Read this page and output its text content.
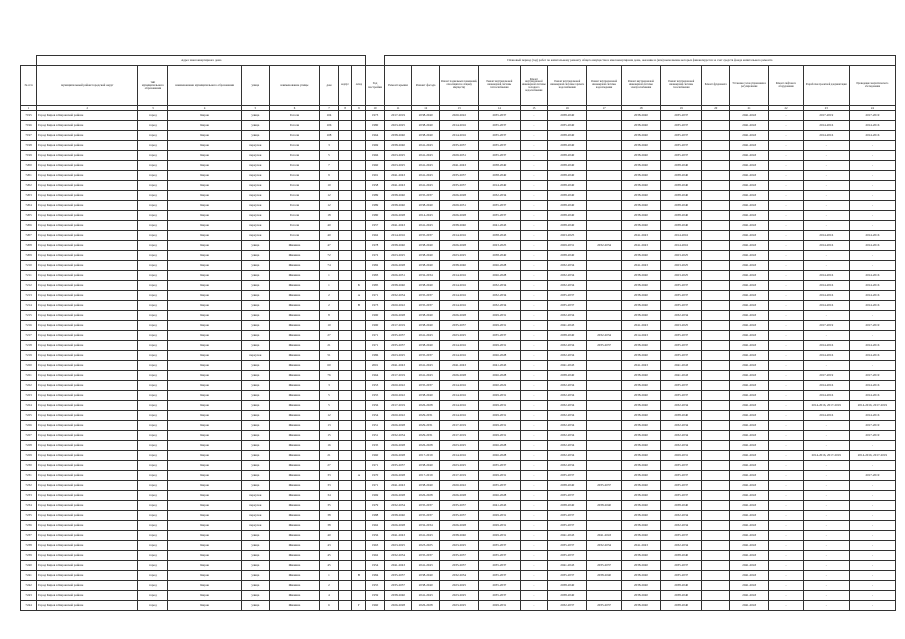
	Адрес многоквартирного дома									Плановый период (год) работ по капитальному ремонту общего имущества в многоквартирном доме, оказание и (или) выполнение которых финансируется за счет средств фонда капитального ремонта													
№ п/п	муниципальный район/городской округ	тип муниципального образования	наименование муниципального образования	улица	наименование улицы	дом	корпус	литер	Год постройки	Ремонт крыши	Ремонт фасада	Ремонт подвальных помещений, относящихся к общему имуществу	Ремонт внутридомовой инженерной системы теплоснабжения	Ремонт внутридомовой инженерной системы холодного водоснабжения	Ремонт внутридомовой инженерной системы горячего водоснабжения	Ремонт внутридомовой инженерной системы водоотведения	Ремонт внутридомовой инженерной системы электроснабжения	Ремонт внутридомовой инженерной системы газоснабжения	Ремонт фундамента	Установка узлов управления и регулирования	Ремонт лифтового оборудования	Разработка проектной документации	Проведение энергетического обследования
1	2	3	4	5	6	7	8	9	10	11	12	13	14	15	16	17	18	19	20	21	22	23	24
7195	Город Киров в Кировской районе	город	Киров	улица	Гоголя	104			1973	2017-2019	2038-2040	2020-2022	2035-2037	-	2038-2040		2038-2040	2035-2037		2041-2043	-	2017-2019	2017-2019
7196	Город Киров в Кировской районе	город	Киров	улица	Гоголя	106			1980	2023-2025	2038-2040	2014-2016	2035-2037	-	2035-2040		2038-2040	2035-2037		2041-2043	-	2014-2016	2014-2016
7197	Город Киров в Кировской районе	город	Киров	улица	Гоголя	108			1964	2038-2040	2038-2040	2014-2016	2035-2037	-	2038-2040		2038-2040	2035-2037		2041-2043	-	2014-2016	2014-2016
7198	Город Киров в Кировской районе	город	Киров	переулок	Гоголя	3			1969	2038-2040	2041-2043	2035-2037	2035-2037	-	2038-2040		2038-2040	2035-2037		2041-2043	-	-	-
7199	Город Киров в Кировской районе	город	Киров	переулок	Гоголя	5			1966	2023-2025	2041-2043	2029-2031	2035-2037	-	2038-2040		2038-2040	2035-2037		2041-2043	-	-	-
7200	Город Киров в Кировской районе	город	Киров	переулок	Гоголя	7			1960	2023-2025	2041-2043	2041-2043	2038-2040	-	2038-2040		2038-2040	2038-2040		2041-2043	-	-	-
7201	Город Киров в Кировской районе	город	Киров	переулок	Гоголя	9			1991	2041-2043	2041-2043	2035-2037	2038-2040	-	2038-2040		2038-2040	2038-2040		2041-2043	-	-	-
7202	Город Киров в Кировской районе	город	Киров	переулок	Гоголя	10			1958	2041-2043	2041-2043	2035-2037	2014-2040	-	2038-2040		2038-2040	2038-2040		2041-2043	-	-	-
7203	Город Киров в Кировской районе	город	Киров	переулок	Гоголя	12			1989	2038-2040	2035-2037	2026-2028	2032-2034	-	2038-2040		2038-2040	2038-2040		2041-2043	-	-	-
7204	Город Киров в Кировской районе	город	Киров	переулок	Гоголя	12			1989	2038-2040	2038-2040	2029-2031	2035-2037	-	2038-2040		2038-2040	2038-2040		2041-2043	-	-	-
7205	Город Киров в Кировской районе	город	Киров	переулок	Гоголя	18			1980	2026-2028	2014-2043	2026-2028	2035-2037	-	2038-2040		2038-2040	2038-2040		2041-2043	-	-	-
7206	Город Киров в Кировской районе	город	Киров	переулок	Гоголя	40			1957	2041-2043	2041-2043	2038-2040	2041-2043	-	2038-2040		2038-2040	2038-2040		2041-2043	-	-	-
7207	Город Киров в Кировской районе	город	Киров	переулок	Гоголя	40			1962	2014-2016	2035-2037	2014-2016	2038-2043	-	2023-2025		2041-2043	2014-2016		2041-2043	-	2014-2016	2014-2016
7208	Город Киров в Кировской районе	город	Киров	улица	Жижина	47			1978	2038-2040	2038-2040	2026-2028	2023-2025	-	2029-2031	2032-2034	2041-2043	2014-2016		2041-2043	-	2014-2016	2014-2016
7209	Город Киров в Кировской районе	город	Киров	улица	Жижина	72			1972	2023-2025	2038-2040	2023-2025	2038-2040	-	2038-2040		2038-2040	2023-2025		2041-2043	-	-	-
7210	Город Киров в Кировской районе	город	Киров	улица	Жижина	74			1982	2026-2028	2038-2040	2038-2040	2026-2028	-	2032-2034		2041-2043	2023-2025		2041-2043	-	-	-
7211	Город Киров в Кировской районе	город	Киров	улица	Жижина	1			1983	2026-2031	2032-2034	2014-2016	2026-2028	-	2032-2034		2038-2040	2023-2025		2041-2043	-	2014-2016	2014-2016
7212	Город Киров в Кировской районе	город	Киров	улица	Жижина	1		Б	1985	2038-2040	2038-2040	2014-2016	2032-2034	-	2032-2034		2038-2040	2035-2037		2041-2043	-	2014-2016	2014-2016
7213	Город Киров в Кировской районе	город	Киров	улица	Жижина	2		А	1971	2032-2034	2035-2037	2014-2016	2032-2034	-	2035-2037		2038-2040	2035-2037		2041-2043	-	2014-2016	2014-2016
7214	Город Киров в Кировской районе	город	Киров	улица	Жижина	2		В	1973	2020-2022	2035-2037	2014-2016	2032-2034	-	2035-2037		2038-2040	2035-2037		2041-2043	-	2014-2016	2014-2016
7215	Город Киров в Кировской районе	город	Киров	улица	Жижина	8			1990	2026-2028	2038-2040	2026-2028	2029-2031	-	2032-2034		2038-2040	2032-2034		2041-2043	-	-	-
7216	Город Киров в Кировской районе	город	Киров	улица	Жижина	10			1990	2017-2019	2038-2040	2035-2037	2029-2031	-	2041-2043		2041-2043	2023-2025		2041-2043	-	2017-2019	2017-2019
7217	Город Киров в Кировской районе	город	Киров	улица	Жижина	27			1971	2035-2037	2041-2043	2023-2025	2035-2037	-	2038-2040	2032-2034	2014-2043	2035-2037		2041-2043	-	-	-
7218	Город Киров в Кировской районе	город	Киров	улица	Жижина	21			1971	2035-2037	2038-2040	2014-2016	2029-2031	-	2032-2034	2035-2037	2038-2040	2035-2037		2041-2043	-	2014-2016	2014-2016
7219	Город Киров в Кировской районе	город	Киров	переулок	Жижина	51			1986	2023-2025	2035-2037	2014-2016	2026-2028	-	2032-2034		2038-2040	2035-2037		2041-2043	-	2014-2016	2014-2016
7220	Город Киров в Кировской районе	город	Киров	улица	Жижина	60			2001	2041-2043	2041-2043	2041-2043	2041-2043	-	2041-2043		2041-2043	2041-2043		2041-2043	-	-	-
7221	Город Киров в Кировской районе	город	Киров	улица	Жижина	76			1964	2017-2019	2041-2043	2026-2028	2026-2028	-	2038-2040		2038-2040	2041-2043		2041-2043	-	2017-2019	2017-2019
7222	Город Киров в Кировской районе	город	Киров	улица	Жижина	3			1953	2020-2022	2035-2037	2014-2016	2020-2022	-	2032-2034		2038-2040	2035-2037		2041-2043	-	2014-2016	2014-2016
7223	Город Киров в Кировской районе	город	Киров	улица	Жижина	5			1955	2020-2022	2038-2040	2014-2016	2029-2031	-	2032-2034		2038-2040	2035-2037		2041-2043	-	2014-2016	2014-2016
7224	Город Киров в Кировской районе	город	Киров	улица	Жижина	5			1956	2017-2019	2026-2028	2014-2016	2029-2031	-	2032-2034		2038-2040	2032-2034		2041-2043	-	2014-2016, 2017-2019	2014-2016, 2017-2019
7225	Город Киров в Кировской районе	город	Киров	улица	Жижина	12			1954	2020-2022	2029-2031	2014-2016	2029-2031	-	2032-2034		2038-2040	2038-2040		2041-2043	-	2014-2016	2014-2016
7226	Город Киров в Кировской районе	город	Киров	улица	Жижина	13			1951	2026-2028	2029-2031	2017-2019	2029-2031	-	2032-2034		2038-2040	2032-2034		2041-2043	-	-	2017-2019
7227	Город Киров в Кировской районе	город	Киров	улица	Жижина	15			1951	2032-2034	2029-2031	2017-2019	2029-2031	-	2032-2034		2038-2040	2032-2034		2041-2043	-	-	2017-2019
7228	Город Киров в Кировской районе	город	Киров	улица	Жижина	16			1935	2026-2028	2026-2028	2023-2025	2026-2028	-	2032-2034		2038-2040	2032-2034		2041-2043	-	-	-
7229	Город Киров в Кировской районе	город	Киров	улица	Жижина	21			1960	2026-2028	2017-2019	2014-2016	2026-2028	-	2032-2034		2038-2040	2029-2031		2041-2043	-	2014-2016, 2017-2019	2014-2016, 2017-2019
7230	Город Киров в Кировской районе	город	Киров	улица	Жижина	27			1971	2035-2037	2038-2040	2023-2025	2035-2037	-	2032-2034		2038-2040	2035-2037		2041-2043	-	-	-
7231	Город Киров в Кировской районе	город	Киров	улица	Жижина	33		А	1970	2026-2028	2017-2019	2017-2019	2029-2031	-	2035-2037		2038-2040	2035-2037		2041-2043	-	-	2017-2019
7232	Город Киров в Кировской районе	город	Киров	улица	Жижина	33			1971	2041-2043	2038-2040	2020-2022	2035-2037	-	2038-2040	2035-2037	2038-2040	2035-2037		2041-2043	-	-	-
7233	Город Киров в Кировской районе	город	Киров	переулок	Жижина	34			1969	2026-2028	2026-2028	2026-2028	2026-2028	-	2035-2037		2038-2040	2035-2037		2041-2043	-	-	-
7234	Город Киров в Кировской районе	город	Киров	переулок	Жижина	35			1979	2032-2034	2035-2037	2035-2037	2041-2043	-	2038-2040	2038-2040	2038-2040	2038-2040		2041-2043	-	-	-
7235	Город Киров в Кировской районе	город	Киров	переулок	Жижина	38			1988	2038-2040	2035-2037	2035-2037	2029-2031	-	2035-2037		2038-2040	2032-2034		2041-2043	-	-	-
7236	Город Киров в Кировской районе	город	Киров	переулок	Жижина	38			1962	2026-2028	2032-2034	2026-2028	2029-2031	-	2035-2037		2038-2040	2032-2034		2041-2043	-	-	-
7237	Город Киров в Кировской районе	город	Киров	улица	Жижина	40			1956	2041-2043	2041-2043	2038-2040	2029-2031	-	2041-2043	2041-2043	2038-2040	2035-2037		2041-2043	-	-	-
7238	Город Киров в Кировской районе	город	Киров	улица	Жижина	43			1963	2023-2025	2023-2025	2023-2025	2035-2037	-	2035-2037	2032-2034	2041-2043	2032-2034		2041-2043	-	-	-
7239	Город Киров в Кировской районе	город	Киров	улица	Жижина	45			1962	2032-2034	2035-2037	2035-2037	2035-2037	-	2035-2037		2038-2040	2038-2040		2041-2043	-	-	-
7240	Город Киров в Кировской районе	город	Киров	улица	Жижина	45			1954	2041-2043	2041-2043	2035-2037	2035-2037	-	2041-2043	2035-2037	2038-2040	2035-2037		2041-2043	-	-	-
7241	Город Киров в Кировской районе	город	Киров	улица	Жижина	1		В	1984	2035-2037	2038-2040	2032-2034	2035-2037	-	2035-2037	2038-2040	2038-2040	2035-2037		2041-2043	-	-	-
7242	Город Киров в Кировской районе	город	Киров	улица	Жижина	2			1955	2035-2037	2038-2040	2023-2025	2035-2037	-	2038-2040		2038-2040	2038-2040		2041-2043	-	-	-
7243	Город Киров в Кировской районе	город	Киров	улица	Жижина	4			1959	2038-2040	2041-2043	2023-2025	2035-2037	-	2038-2040		2038-2040	2038-2040		2041-2043	-	-	-
7244	Город Киров в Кировской районе	город	Киров	улица	Жижина	6		Г	1960	2026-2028	2026-2028	2023-2025	2029-2031	-	2032-2037	2035-2037	2038-2040	2038-2040		2041-2043	-	-	-
